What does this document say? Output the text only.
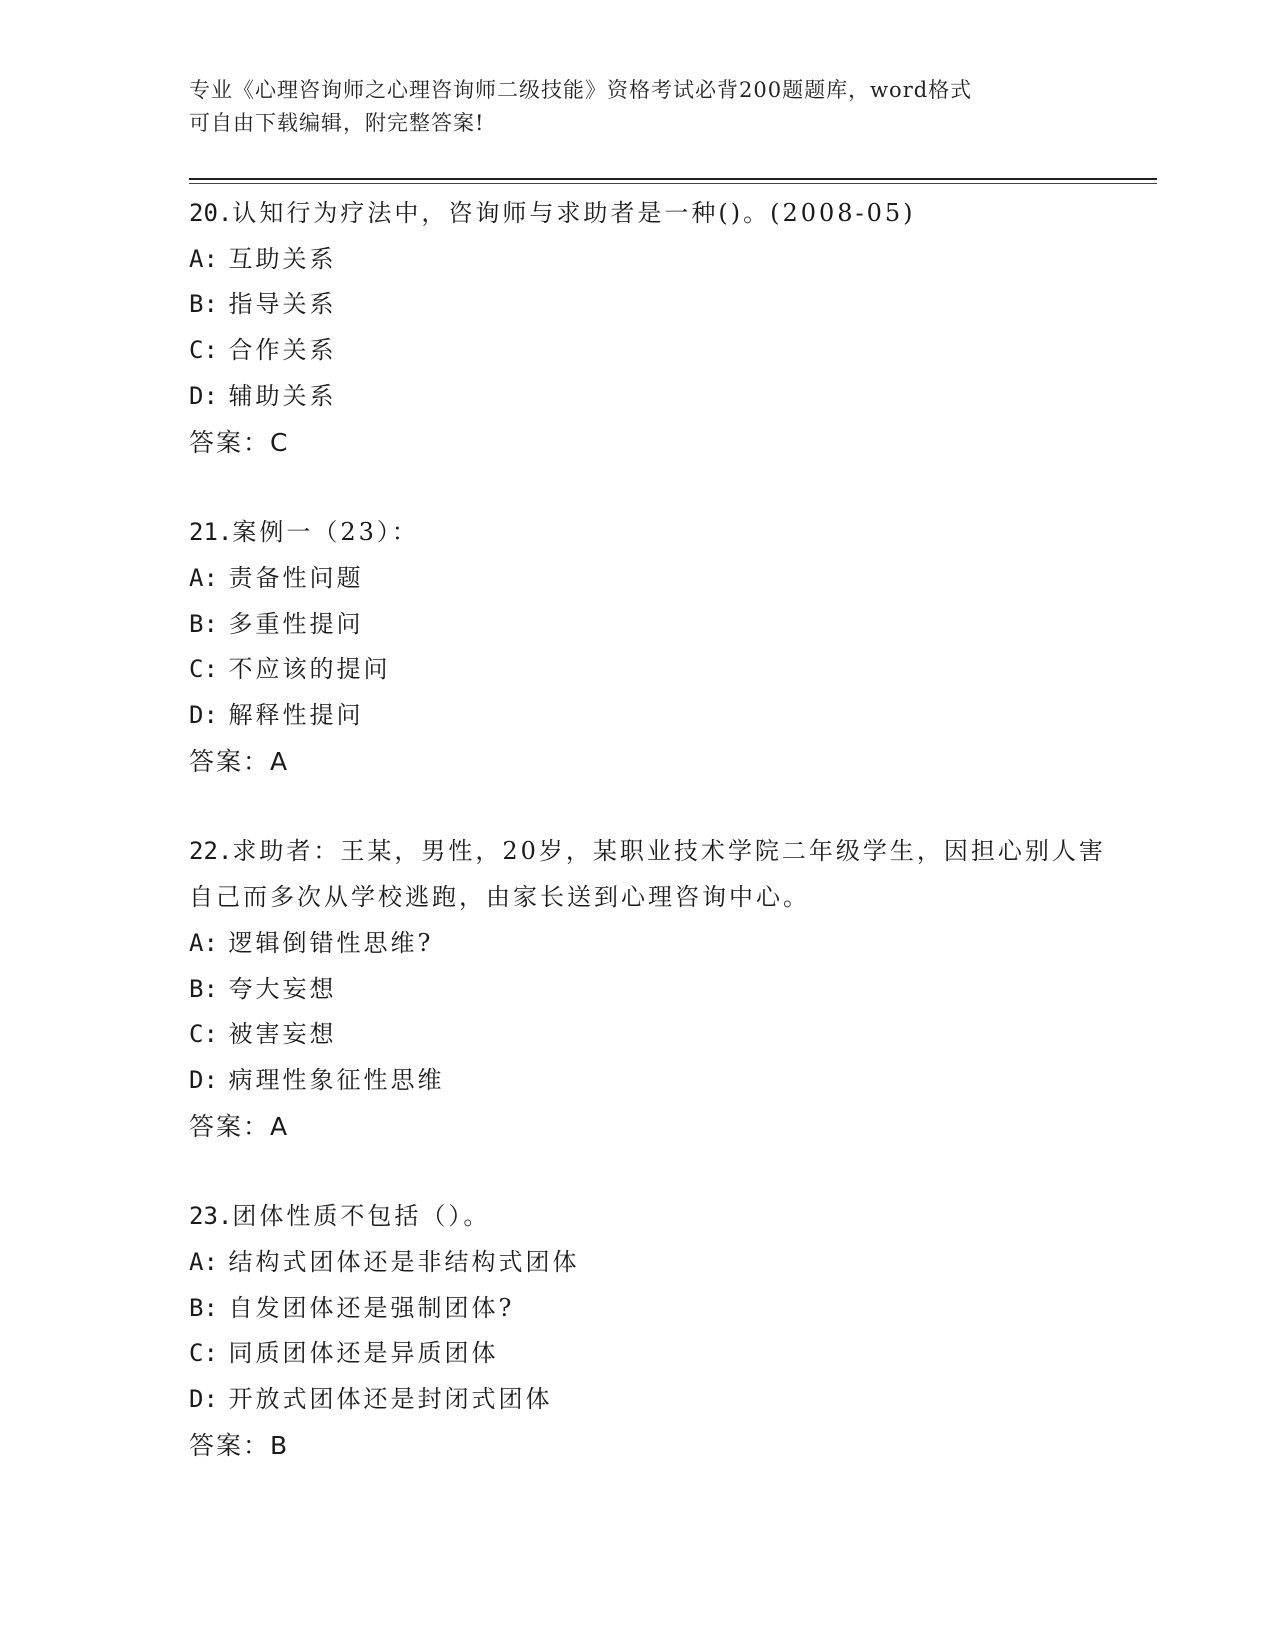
专业《心理咨询师之心理咨询师二级技能》资格考试必背200题题库，word格式
可自由下载编辑，附完整答案!
20.认知行为疗法中，咨询师与求助者是一种()。(2008-05)
A: 互助关系
B: 指导关系
C: 合作关系
D: 辅助关系
答案：C
21.案例一（23）：
A: 责备性问题
B: 多重性提问
C: 不应该的提问
D: 解释性提问
答案：A
22.求助者：王某，男性，20岁，某职业技术学院二年级学生，因担心别人害自己而多次从学校逃跑，由家长送到心理咨询中心。
A: 逻辑倒错性思维?
B: 夸大妄想
C: 被害妄想
D: 病理性象征性思维
答案：A
23.团体性质不包括（）。
A: 结构式团体还是非结构式团体
B: 自发团体还是强制团体?
C: 同质团体还是异质团体
D: 开放式团体还是封闭式团体
答案：B
